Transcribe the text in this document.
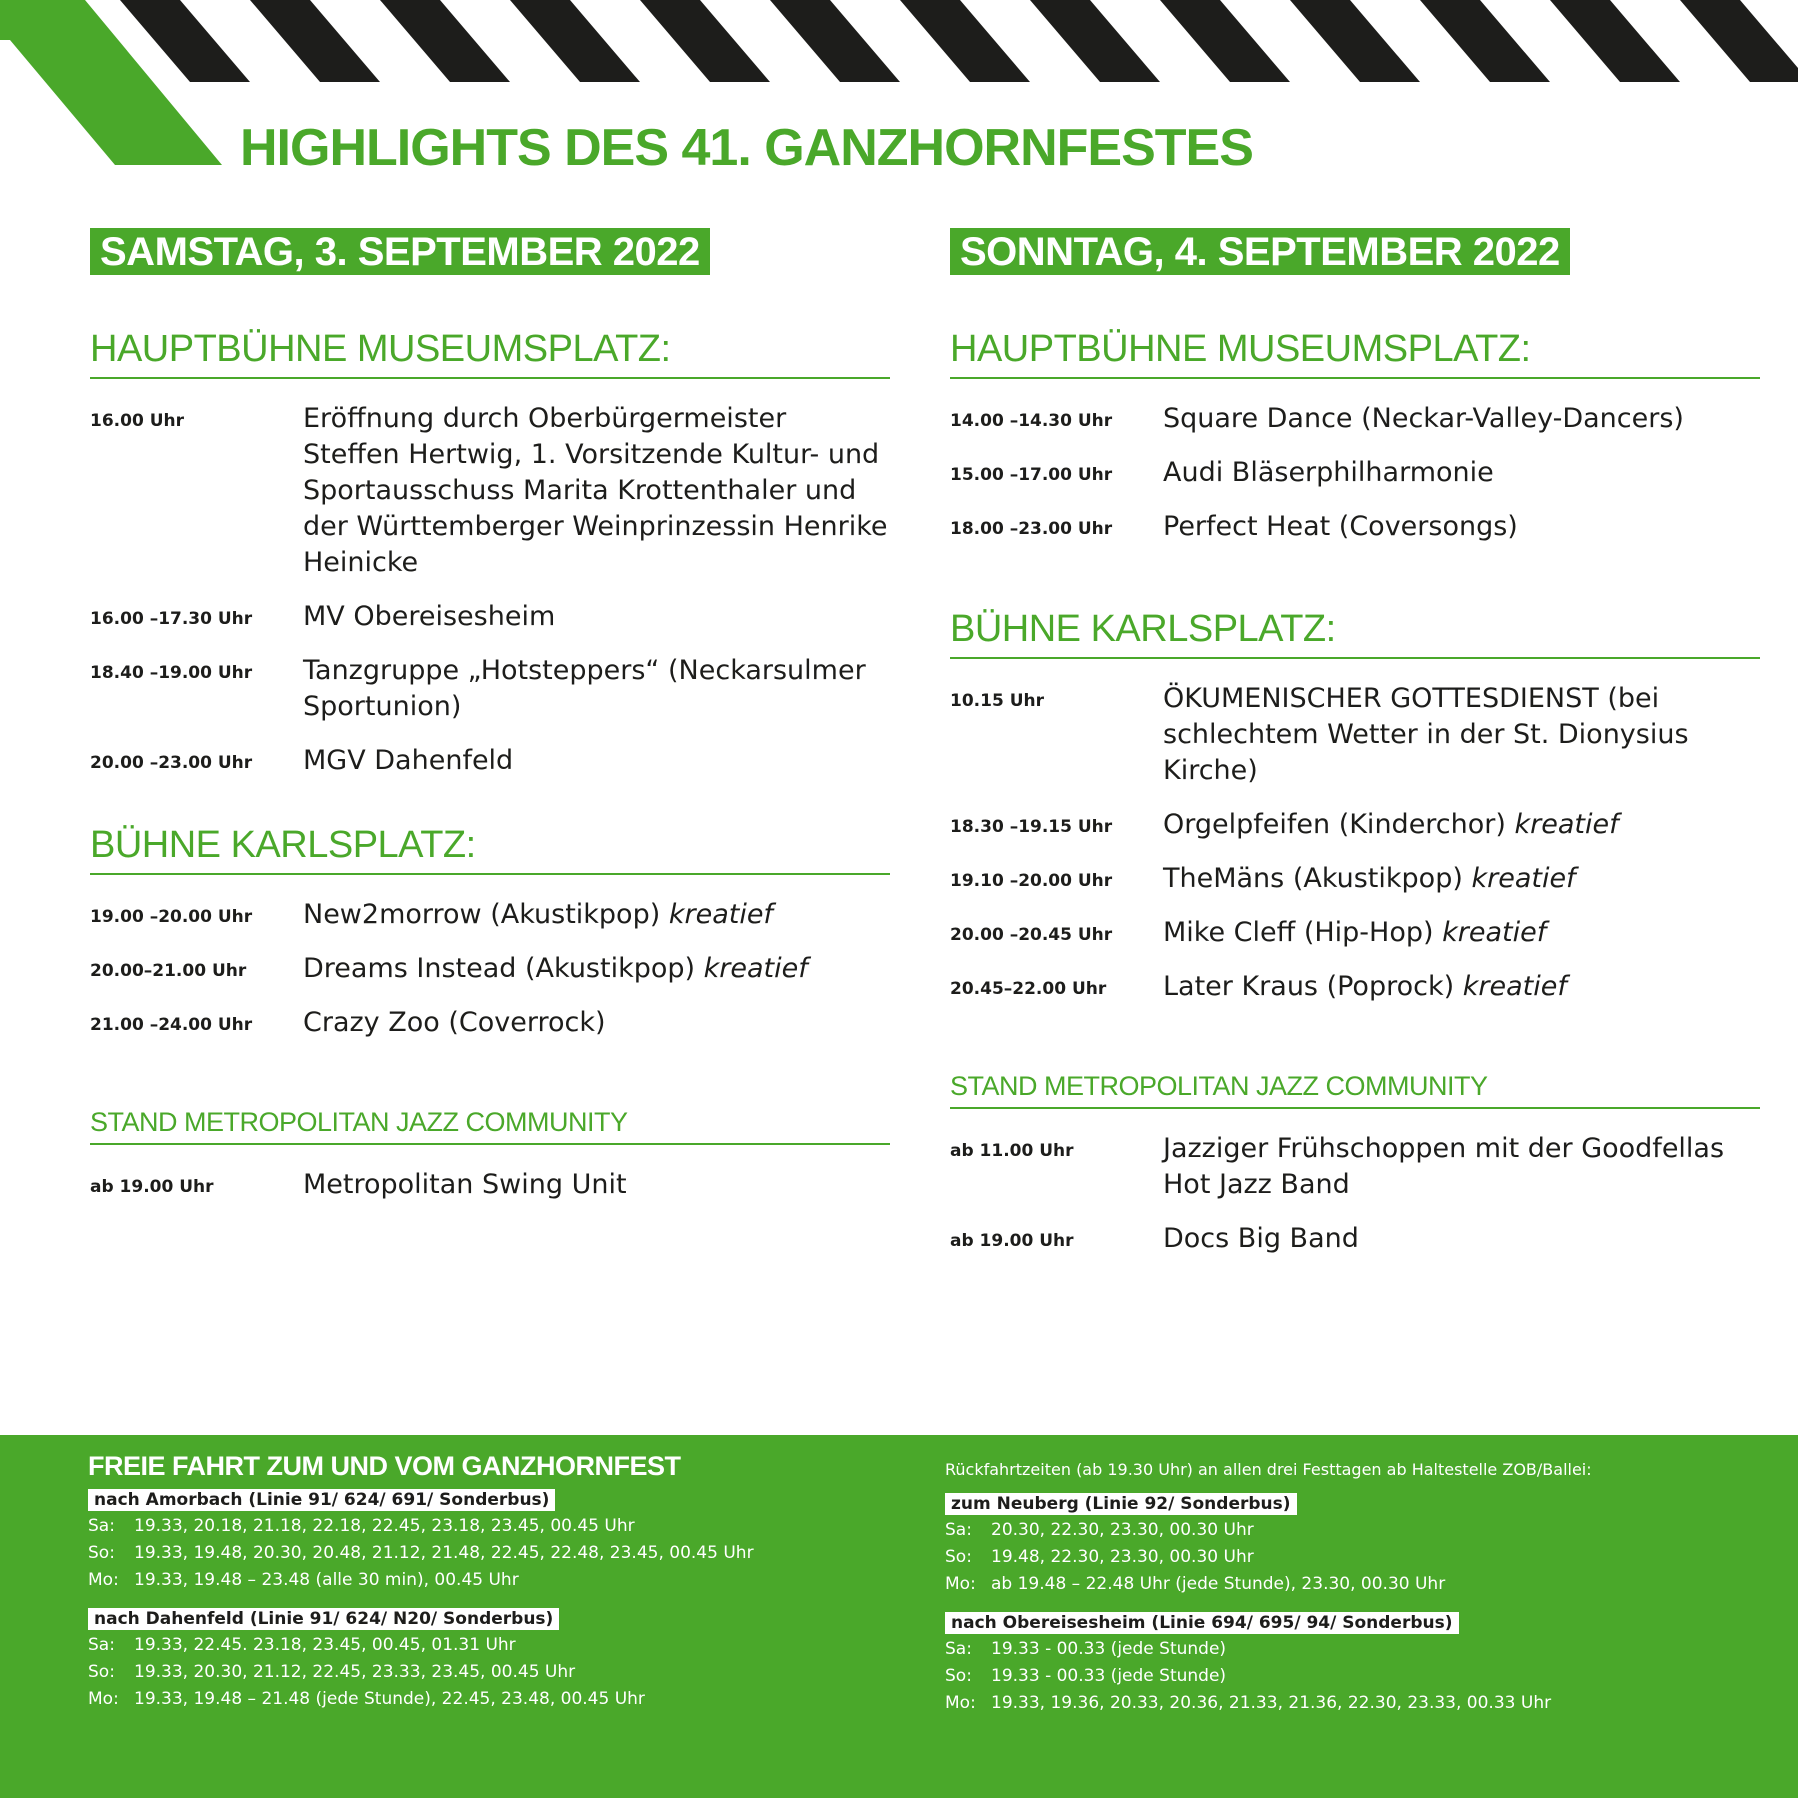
HIGHLIGHTS DES 41. GANZHORNFESTES
SAMSTAG, 3. SEPTEMBER 2022
HAUPTBÜHNE MUSEUMSPLATZ:
16.00 Uhr	Eröffnung durch Oberbürgermeister Steffen Hertwig, 1. Vorsitzende Kultur- und Sportausschuss Marita Krottenthaler und der Württemberger Weinprinzessin Henrike Heinicke
16.00 –17.30 Uhr	MV Obereisesheim
18.40 –19.00 Uhr	Tanzgruppe „Hotsteppers“ (Neckarsulmer Sportunion)
20.00 –23.00 Uhr	MGV Dahenfeld
BÜHNE KARLSPLATZ:
19.00 –20.00 Uhr	New2morrow (Akustikpop) kreatief
20.00–21.00 Uhr	Dreams Instead (Akustikpop) kreatief
21.00 –24.00 Uhr	Crazy Zoo (Coverrock)
STAND METROPOLITAN JAZZ COMMUNITY
ab 19.00 Uhr	Metropolitan Swing Unit
SONNTAG, 4. SEPTEMBER 2022
HAUPTBÜHNE MUSEUMSPLATZ:
14.00 –14.30 Uhr	Square Dance (Neckar-Valley-Dancers)
15.00 –17.00 Uhr	Audi Bläserphilharmonie
18.00 –23.00 Uhr	Perfect Heat (Coversongs)
BÜHNE KARLSPLATZ:
10.15 Uhr	ÖKUMENISCHER GOTTESDIENST (bei schlechtem Wetter in der St. Dionysius Kirche)
18.30 –19.15 Uhr	Orgelpfeifen (Kinderchor) kreatief
19.10 –20.00 Uhr	TheMäns (Akustikpop) kreatief
20.00 –20.45 Uhr	Mike Cleff (Hip-Hop) kreatief
20.45–22.00 Uhr	Later Kraus (Poprock) kreatief
STAND METROPOLITAN JAZZ COMMUNITY
ab 11.00 Uhr	Jazziger Frühschoppen mit der Goodfellas Hot Jazz Band
ab 19.00 Uhr	Docs Big Band
FREIE FAHRT ZUM UND VOM GANZHORNFEST
nach Amorbach (Linie 91/ 624/ 691/ Sonderbus)
Sa: 19.33, 20.18, 21.18, 22.18, 22.45, 23.18, 23.45, 00.45 Uhr
So: 19.33, 19.48, 20.30, 20.48, 21.12, 21.48, 22.45, 22.48, 23.45, 00.45 Uhr
Mo: 19.33, 19.48 – 23.48 (alle 30 min), 00.45 Uhr
nach Dahenfeld (Linie 91/ 624/ N20/ Sonderbus)
Sa: 19.33, 22.45. 23.18, 23.45, 00.45, 01.31 Uhr
So: 19.33, 20.30, 21.12, 22.45, 23.33, 23.45, 00.45 Uhr
Mo: 19.33, 19.48 – 21.48 (jede Stunde), 22.45, 23.48, 00.45 Uhr
Rückfahrtzeiten (ab 19.30 Uhr) an allen drei Festtagen ab Haltestelle ZOB/Ballei:
zum Neuberg (Linie 92/ Sonderbus)
Sa: 20.30, 22.30, 23.30, 00.30 Uhr
So: 19.48, 22.30, 23.30, 00.30 Uhr
Mo: ab 19.48 – 22.48 Uhr (jede Stunde), 23.30, 00.30 Uhr
nach Obereisesheim (Linie 694/ 695/ 94/ Sonderbus)
Sa: 19.33 - 00.33 (jede Stunde)
So: 19.33 - 00.33 (jede Stunde)
Mo: 19.33, 19.36, 20.33, 20.36, 21.33, 21.36, 22.30, 23.33, 00.33 Uhr
